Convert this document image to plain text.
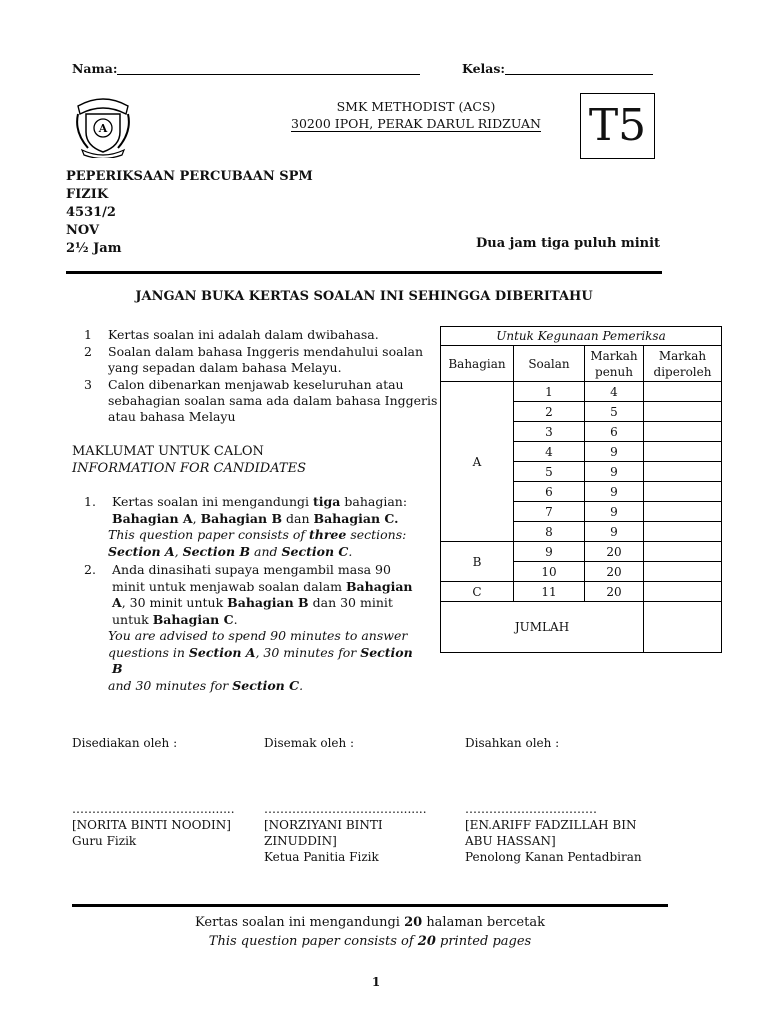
Nama:	Kelas:
A
SMK METHODIST (ACS)
30200 IPOH, PERAK DARUL RIDZUAN T5
PEPERIKSAAN PERCUBAAN SPM
FIZIK
4531/2
NOV
2½ Jam	Dua jam tiga puluh minit
JANGAN BUKA KERTAS SOALAN INI SEHINGGA DIBERITAHU
1 Kertas soalan ini adalah dalam dwibahasa.
2 Soalan dalam bahasa Inggeris mendahului soalan
yang sepadan dalam bahasa Melayu.
3 Calon dibenarkan menjawab keseluruhan atau
sebahagian soalan sama ada dalam bahasa Inggeris
atau bahasa Melayu
MAKLUMAT UNTUK CALON
INFORMATION FOR CANDIDATES
1. Kertas soalan ini mengandungi tiga bahagian:
Bahagian A, Bahagian B dan Bahagian C.
This question paper consists of three sections:
Section A, Section B and Section C.
2. Anda dinasihati supaya mengambil masa 90
minit untuk menjawab soalan dalam Bahagian
A, 30 minit untuk Bahagian B dan 30 minit
untuk Bahagian C.
You are advised to spend 90 minutes to answer
questions in Section A, 30 minutes for Section B
and 30 minutes for Section C.
Untuk Kegunaan Pemeriksa			
Bahagian	Soalan	Markah penuh	Markah diperoleh
A	1	4	
	2	5	
	3	6	
	4	9	
	5	9	
	6	9	
	7	9	
	8	9	
B	9	20	
	10	20	
C	11	20	
JUMLAH			
Disediakan oleh :
……………………………........
[NORITA BINTI NOODIN]
Guru Fizik
Disemak oleh :
……………………………........
[NORZIYANI BINTI
ZINUDDIN]
Ketua Panitia Fizik
Disahkan oleh :
……………………………
[EN.ARIFF FADZILLAH BIN
ABU HASSAN]
Penolong Kanan Pentadbiran
Kertas soalan ini mengandungi 20 halaman bercetak
This question paper consists of 20 printed pages
1
